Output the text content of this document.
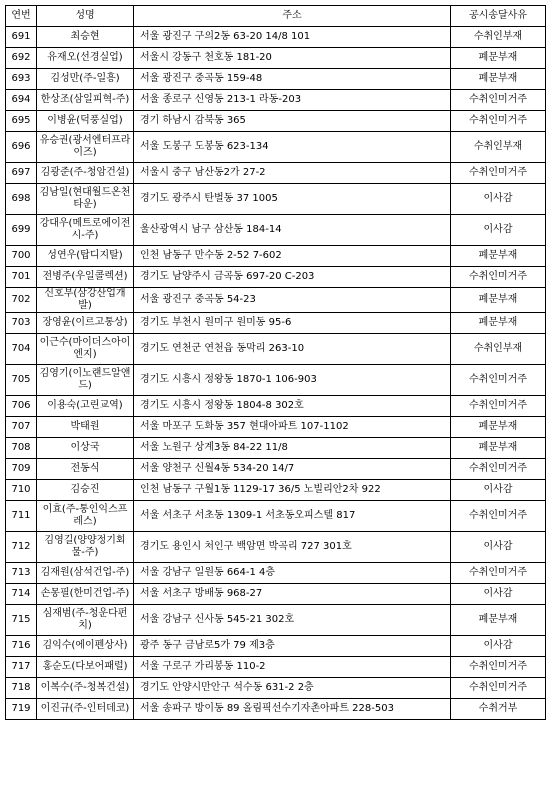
연번	성명	주소	공시송달사유
691	최승현	서울 광진구 구의2동 63-20 14/8 101	수취인부재
692	유재오(선경실업)	서울시 강동구 천호동 181-20	폐문부재
693	김성만(주-일흥)	서울 광진구 중곡동 159-48	폐문부재
694	한상조(삼일피혁-주)	서울 종로구 신영동 213-1 라동-203	수취인미거주
695	이병윤(덕풍실업)	경기 하남시 감북동 365	수취인미거주
696	유승권(광서엔터프라이즈)	서울 도봉구 도봉동 623-134	수취인부재
697	김광준(주-청암건설)	서울시 중구 남산동2가 27-2	수취인미거주
698	김남일(현대월드온천타운)	경기도 광주시 탄벌동 37 1005	이사감
699	강대우(메트로에이전시-주)	울산광역시 남구 삼산동 184-14	이사감
700	성연우(탑디지탈)	인천 남동구 만수동 2-52 7-602	폐문부재
701	전병주(우일콜렉션)	경기도 남양주시 금곡동 697-20 C-203	수취인미거주
702	신호부(삼강산업개발)	서울 광진구 중곡동 54-23	폐문부재
703	장영윤(이르고통상)	경기도 부천시 원미구 원미동 95-6	폐문부재
704	이근수(마이더스아이엔지)	경기도 연천군 연천읍 동막리 263-10	수취인부재
705	김영기(이노랜드알앤드)	경기도 시흥시 정왕동 1870-1 106-903	수취인미거주
706	이용숙(고린교역)	경기도 시흥시 정왕동 1804-8 302호	수취인미거주
707	박태원	서울 마포구 도화동 357 현대아파트 107-1102	폐문부재
708	이상국	서울 노원구 상계3동 84-22 11/8	폐문부재
709	전동식	서울 양천구 신월4동 534-20 14/7	수취인미거주
710	김승진	인천 남동구 구월1동 1129-17 36/5 노빌리안2차 922	이사감
711	이효(주-통인익스프레스)	서울 서초구 서초동 1309-1 서초동오피스텔 817	수취인미거주
712	김영길(양양정기회물-주)	경기도 용인시 처인구 백암면 박곡리 727 301호	이사감
713	김재원(삼석건업-주)	서울 강남구 일원동 664-1 4층	수취인미거주
714	손몽필(한미건업-주)	서울 서초구 방배동 968-27	이사감
715	심재범(주-청운다펀치)	서울 강남구 신사동 545-21 302호	폐문부재
716	김익수(에이펜상사)	광주 동구 금남로5가 79 제3층	이사감
717	홍순도(다보어패럴)	서울 구로구 가리봉동 110-2	수취인미거주
718	이복수(주-청복건설)	경기도 안양시만안구 석수동 631-2 2층	수취인미거주
719	이진규(주-인터데코)	서울 송파구 방이동 89 올림픽선수기자촌아파트 228-503	수취거부
